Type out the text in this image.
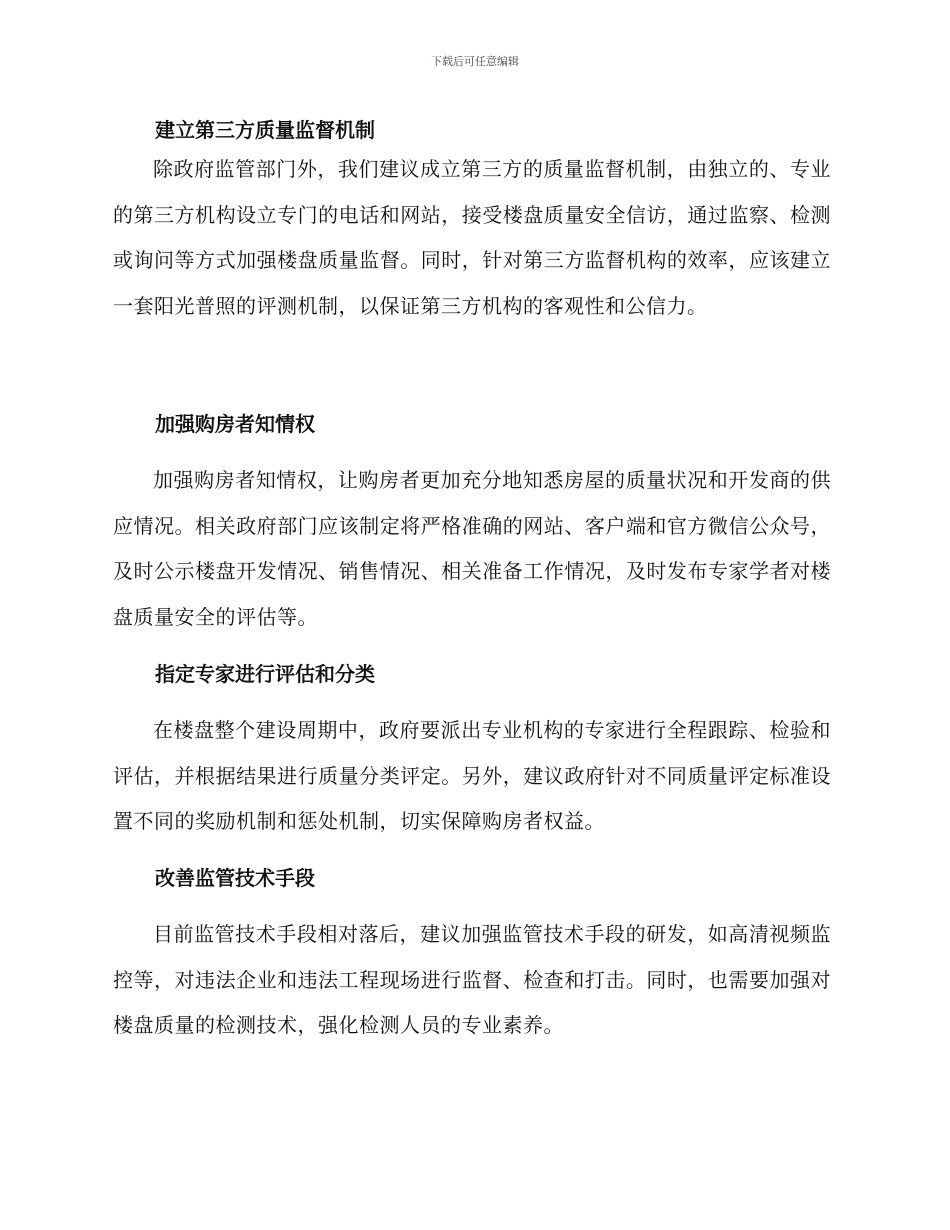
下载后可任意编辑
建立第三方质量监督机制

除政府监管部门外，我们建议成立第三方的质量监督机制，由独立的、专业的第三方机构设立专门的电话和网站，接受楼盘质量安全信访，通过监察、检测或询问等方式加强楼盘质量监督。同时，针对第三方监督机构的效率，应该建立一套阳光普照的评测机制，以保证第三方机构的客观性和公信力。

加强购房者知情权

加强购房者知情权，让购房者更加充分地知悉房屋的质量状况和开发商的供应情况。相关政府部门应该制定将严格准确的网站、客户端和官方微信公众号，及时公示楼盘开发情况、销售情况、相关准备工作情况，及时发布专家学者对楼盘质量安全的评估等。

指定专家进行评估和分类

在楼盘整个建设周期中，政府要派出专业机构的专家进行全程跟踪、检验和评估，并根据结果进行质量分类评定。另外，建议政府针对不同质量评定标准设置不同的奖励机制和惩处机制，切实保障购房者权益。

改善监管技术手段

目前监管技术手段相对落后，建议加强监管技术手段的研发，如高清视频监控等，对违法企业和违法工程现场进行监督、检查和打击。同时，也需要加强对楼盘质量的检测技术，强化检测人员的专业素养。
